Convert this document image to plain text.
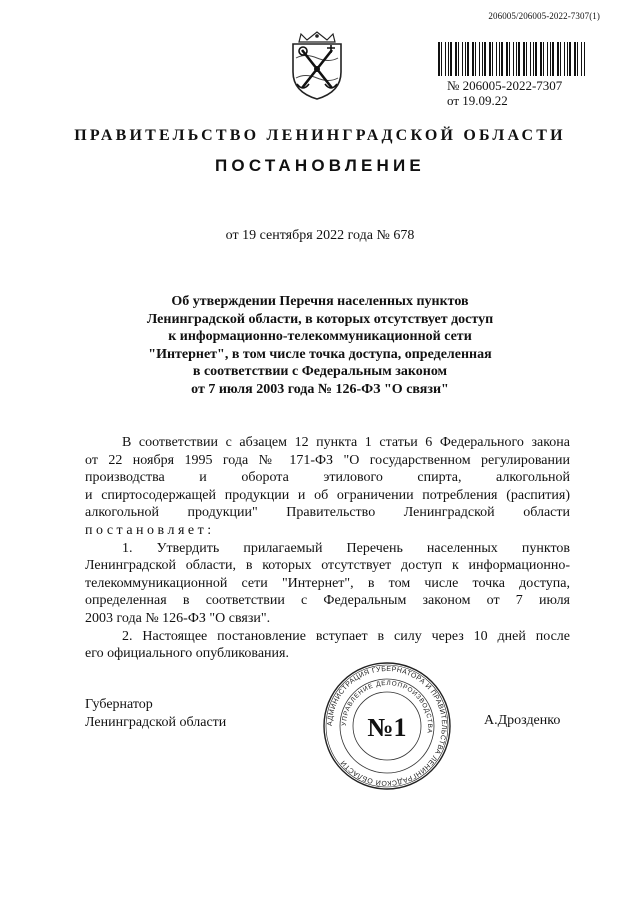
206005/206005-2022-7307(1)
№ 206005-2022-7307
от 19.09.22
ПРАВИТЕЛЬСТВО ЛЕНИНГРАДСКОЙ ОБЛАСТИ
ПОСТАНОВЛЕНИЕ
от 19 сентября 2022 года № 678
Об утверждении Перечня населенных пунктов
Ленинградской области, в которых отсутствует доступ
к информационно-телекоммуникационной сети
"Интернет", в том числе точка доступа, определенная
в соответствии с Федеральным законом
от 7 июля 2003 года № 126-ФЗ "О связи"
В соответствии с абзацем 12 пункта 1 статьи 6 Федерального закона
от 22 ноября 1995 года № 171-ФЗ "О государственном регулировании
производства и оборота этилового спирта, алкогольной
и спиртосодержащей продукции и об ограничении потребления (распития)
алкогольной продукции" Правительство Ленинградской области
постановляет:
1. Утвердить прилагаемый Перечень населенных пунктов
Ленинградской области, в которых отсутствует доступ к информационно-
телекоммуникационной сети "Интернет", в том числе точка доступа,
определенная в соответствии с Федеральным законом от 7 июля
2003 года № 126-ФЗ "О связи".
2. Настоящее постановление вступает в силу через 10 дней после
его официального опубликования.
Губернатор
Ленинградской области	АДМИНИСТРАЦИЯ ГУБЕРНАТОРА И ПРАВИТЕЛЬСТВА ЛЕНИНГРАДСКОЙ ОБЛАСТИ
УПРАВЛЕНИЕ ДЕЛОПРОИЗВОДСТВА
№1	А.Дрозденко
